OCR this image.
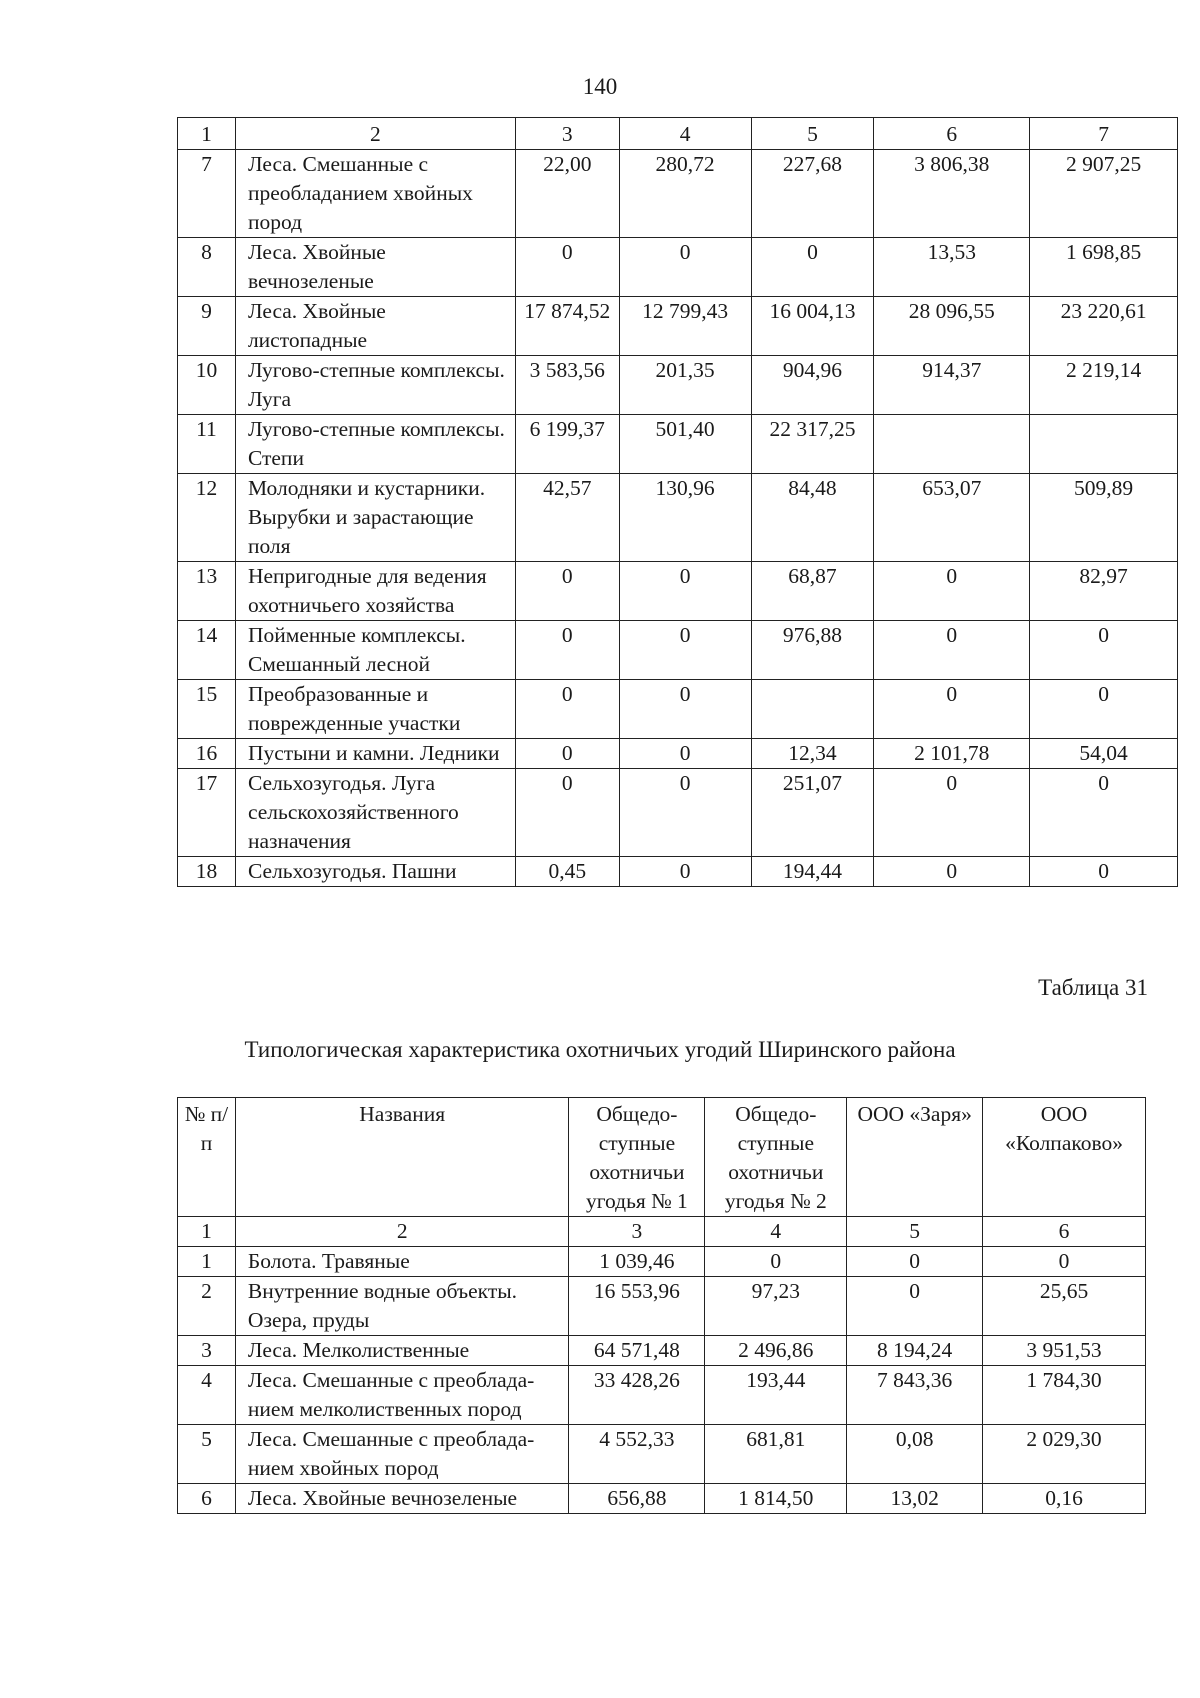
140
1	2	3	4	5	6	7
7	Леса. Смешанные с преобладанием хвойных пород	22,00	280,72	227,68	3 806,38	2 907,25
8	Леса. Хвойные вечнозеленые	0	0	0	13,53	1 698,85
9	Леса. Хвойные листопадные	17 874,52	12 799,43	16 004,13	28 096,55	23 220,61
10	Лугово-степные комплексы. Луга	3 583,56	201,35	904,96	914,37	2 219,14
11	Лугово-степные комплексы. Степи	6 199,37	501,40	22 317,25		
12	Молодняки и кустарники. Вырубки и зарастающие поля	42,57	130,96	84,48	653,07	509,89
13	Непригодные для ведения охотничьего хозяйства	0	0	68,87	0	82,97
14	Пойменные комплексы. Смешанный лесной	0	0	976,88	0	0
15	Преобразованные и поврежденные участки	0	0		0	0
16	Пустыни и камни. Ледники	0	0	12,34	2 101,78	54,04
17	Сельхозугодья. Луга сельскохозяйственного назначения	0	0	251,07	0	0
18	Сельхозугодья. Пашни	0,45	0	194,44	0	0
Таблица 31
Типологическая характеристика охотничьих угодий Ширинского района
№ п/п	Названия	Общедо-ступные охотничьи угодья № 1	Общедо-ступные охотничьи угодья № 2	ООО «Заря»	ООО «Колпаково»
1	2	3	4	5	6
1	Болота. Травяные	1 039,46	0	0	0
2	Внутренние водные объекты. Озера, пруды	16 553,96	97,23	0	25,65
3	Леса. Мелколиственные	64 571,48	2 496,86	8 194,24	3 951,53
4	Леса. Смешанные с преоблада-нием мелколиственных пород	33 428,26	193,44	7 843,36	1 784,30
5	Леса. Смешанные с преоблада-нием хвойных пород	4 552,33	681,81	0,08	2 029,30
6	Леса. Хвойные вечнозеленые	656,88	1 814,50	13,02	0,16
